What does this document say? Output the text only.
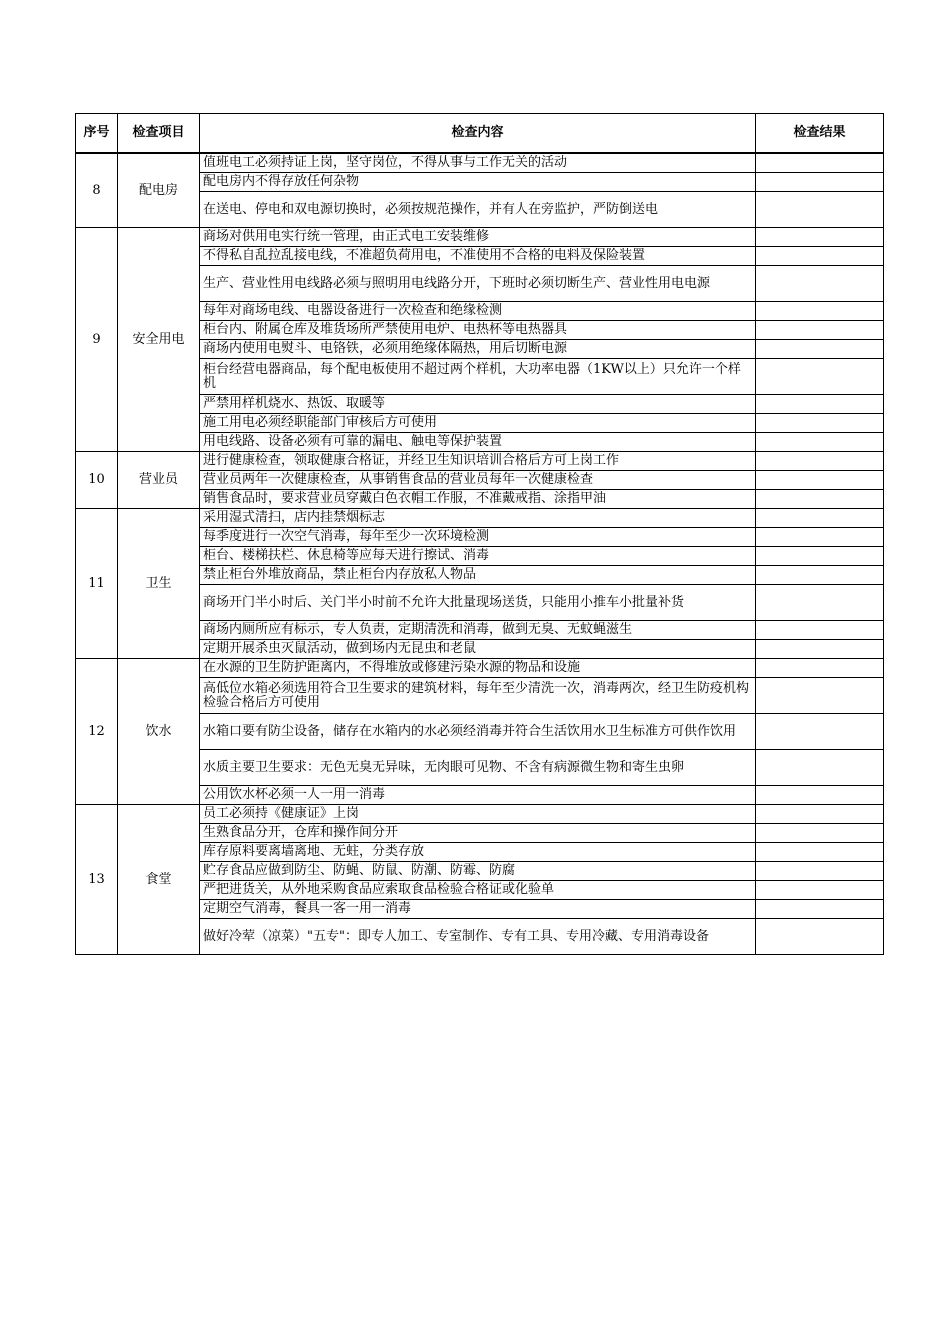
序号	检查项目	检查内容	检查结果
8	配电房	值班电工必须持证上岗，坚守岗位，不得从事与工作无关的活动	
		配电房内不得存放任何杂物	
		在送电、停电和双电源切换时，必须按规范操作，并有人在旁监护，严防倒送电	
9	安全用电	商场对供用电实行统一管理，由正式电工安装维修	
		不得私自乱拉乱接电线，不准超负荷用电，不准使用不合格的电料及保险装置	
		生产、营业性用电线路必须与照明用电线路分开，下班时必须切断生产、营业性用电电源	
		每年对商场电线、电器设备进行一次检查和绝缘检测	
		柜台内、附属仓库及堆货场所严禁使用电炉、电热杯等电热器具	
		商场内使用电熨斗、电铬铁，必须用绝缘体隔热，用后切断电源	
		柜台经营电器商品，每个配电板使用不超过两个样机，大功率电器（1KW以上）只允许一个样机	
		严禁用样机烧水、热饭、取暖等	
		施工用电必须经职能部门审核后方可使用	
		用电线路、设备必须有可靠的漏电、触电等保护装置	
10	营业员	进行健康检查，领取健康合格证，并经卫生知识培训合格后方可上岗工作	
		营业员两年一次健康检查，从事销售食品的营业员每年一次健康检查	
		销售食品时，要求营业员穿戴白色衣帽工作服，不准戴戒指、涂指甲油	
11	卫生	采用湿式清扫，店内挂禁烟标志	
		每季度进行一次空气消毒，每年至少一次环境检测	
		柜台、楼梯扶栏、休息椅等应每天进行擦试、消毒	
		禁止柜台外堆放商品，禁止柜台内存放私人物品	
		商场开门半小时后、关门半小时前不允许大批量现场送货，只能用小推车小批量补货	
		商场内厕所应有标示，专人负责，定期清洗和消毒，做到无臭、无蚊蝇滋生	
		定期开展杀虫灭鼠活动，做到场内无昆虫和老鼠	
12	饮水	在水源的卫生防护距离内，不得堆放或修建污染水源的物品和设施	
		高低位水箱必须选用符合卫生要求的建筑材料，每年至少清洗一次，消毒两次，经卫生防疫机构检验合格后方可使用	
		水箱口要有防尘设备，储存在水箱内的水必须经消毒并符合生活饮用水卫生标准方可供作饮用	
		水质主要卫生要求：无色无臭无异味，无肉眼可见物、不含有病源微生物和寄生虫卵	
		公用饮水杯必须一人一用一消毒	
13	食堂	员工必须持《健康证》上岗	
		生熟食品分开，仓库和操作间分开	
		库存原料要离墙离地、无蛀，分类存放	
		贮存食品应做到防尘、防蝇、防鼠、防潮、防霉、防腐	
		严把进货关，从外地采购食品应索取食品检验合格证或化验单	
		定期空气消毒，餐具一客一用一消毒	
		做好冷荤（凉菜）"五专"：即专人加工、专室制作、专有工具、专用冷藏、专用消毒设备	
